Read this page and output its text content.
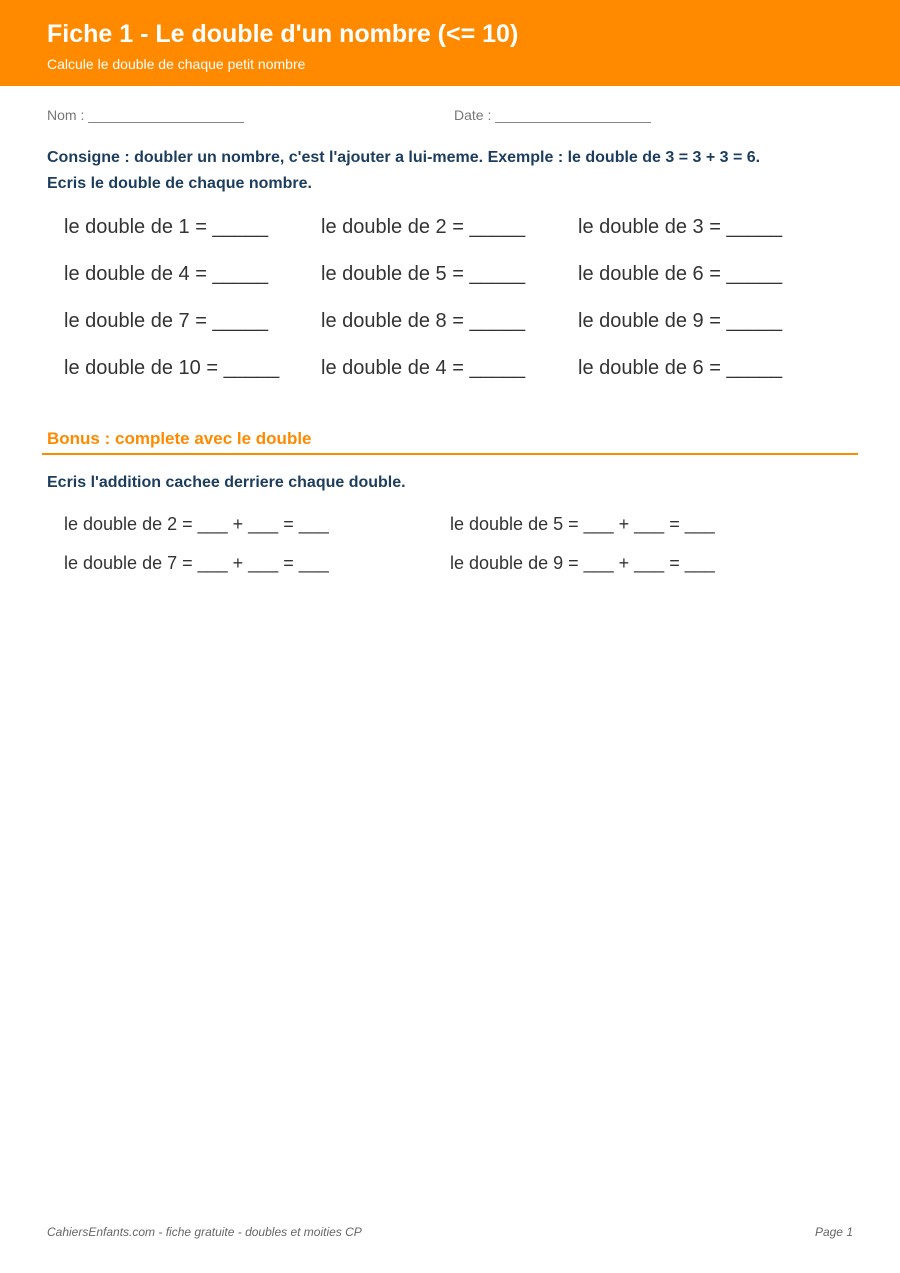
Fiche 1 - Le double d'un nombre (<= 10)
Calcule le double de chaque petit nombre
Nom : ____________________	Date : ____________________
Consigne : doubler un nombre, c'est l'ajouter a lui-meme. Exemple : le double de 3 = 3 + 3 = 6.
Ecris le double de chaque nombre.
le double de 1 = _____	le double de 2 = _____	le double de 3 = _____
le double de 4 = _____	le double de 5 = _____	le double de 6 = _____
le double de 7 = _____	le double de 8 = _____	le double de 9 = _____
le double de 10 = _____ le double de 4 = _____	le double de 6 = _____
Bonus : complete avec le double
Ecris l'addition cachee derriere chaque double.
le double de 2 = ___ + ___ = ___	le double de 5 = ___ + ___ = ___
le double de 7 = ___ + ___ = ___	le double de 9 = ___ + ___ = ___
CahiersEnfants.com - fiche gratuite - doubles et moities CP	Page 1
